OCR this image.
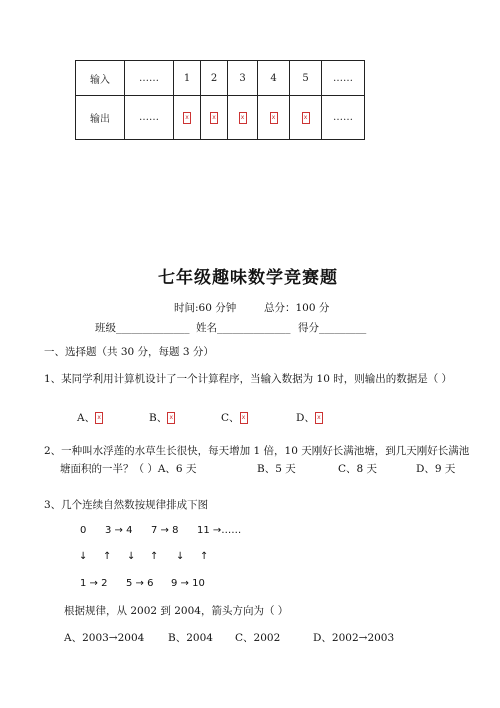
输入	……	1	2	3	4	5	……
输出	……	x	x	x	x	x	……
七年级趣味数学竞赛题
时间:60 分钟	总分：100 分
班级______________ 姓名______________ 得分_________
一、选择题（共 30 分，每题 3 分）
1、某同学利用计算机设计了一个计算程序，当输入数据为 10 时，则输出的数据是（ ）
A、 x	B、 x	C、 x	D、 x
2、一种叫水浮莲的水草生长很快，每天增加 1 倍，10 天刚好长满池塘，到几天刚好长满池
塘面积的一半？（ ）A、6 天	B、5 天	C、8 天	D、9 天
3、几个连续自然数按规律排成下图
0 3 → 4 7 → 8 11 →……
↓ ↑ ↓ ↑ ↓ ↑
1 → 2 5 → 6 9 → 10
根据规律，从 2002 到 2004，箭头方向为（ ）
A、2003→2004 B、2004 C、2002	D、2002→2003
